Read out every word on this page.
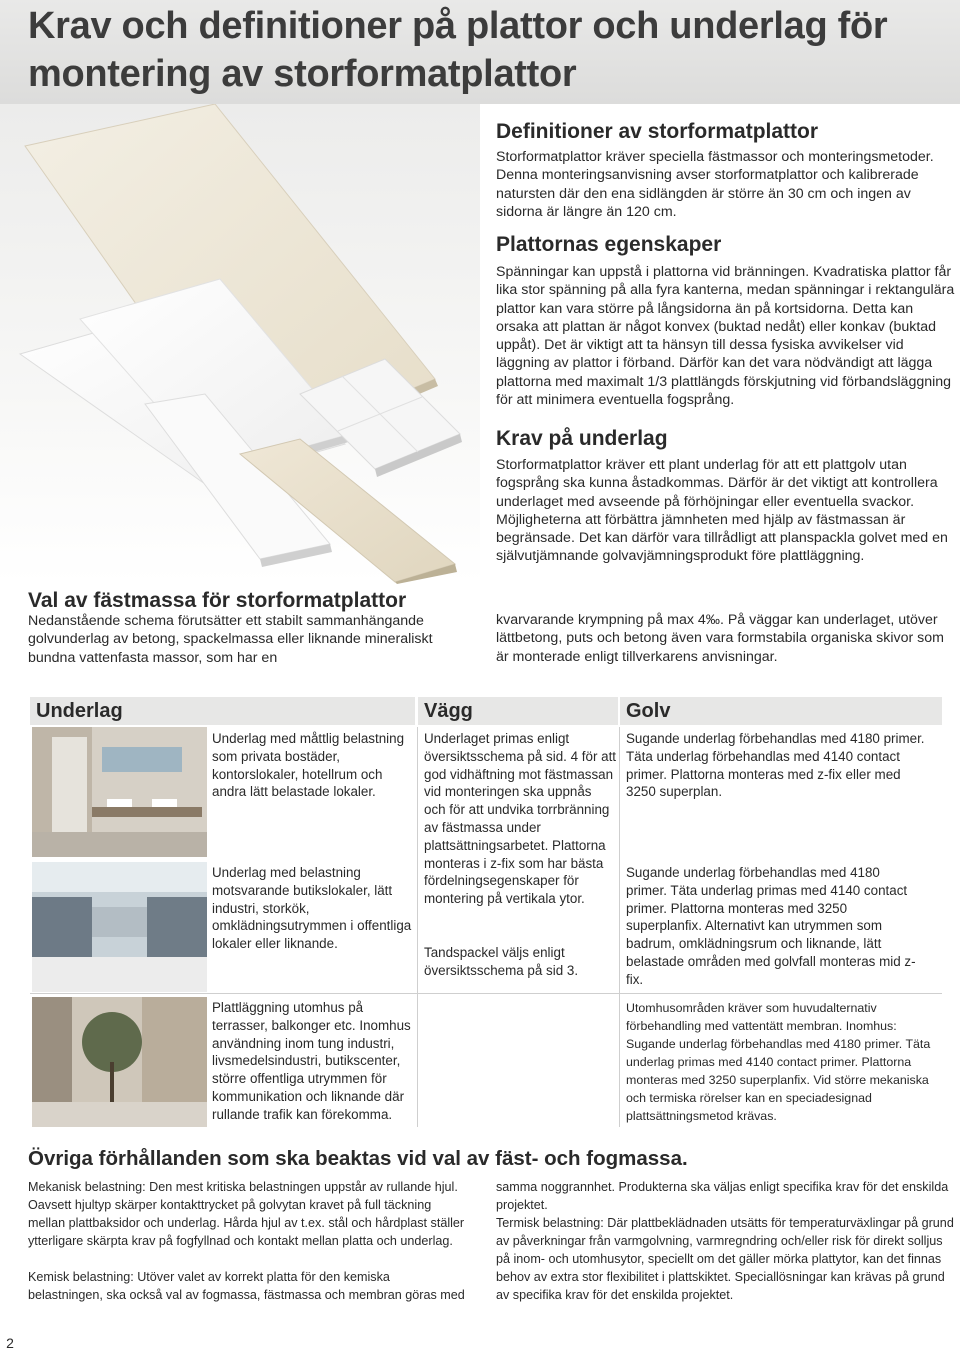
Krav och definitioner på plattor och underlag för montering av storformatplattor
Definitioner av storformatplattor

Storformatplattor kräver speciella fästmassor och monteringsmetoder. Denna monteringsanvisning avser storformatplattor och kalibrerade natursten där den ena sidlängden är större än 30 cm och ingen av sidorna är längre än 120 cm.

Plattornas egenskaper

Spänningar kan uppstå i plattorna vid bränningen. Kvadratiska plattor får lika stor spänning på alla fyra kanterna, medan spänningar i rektangulära plattor kan vara större på långsidorna än på kortsidorna. Detta kan orsaka att plattan är något konvex (buktad nedåt) eller konkav (buktad uppåt). Det är viktigt att ta hänsyn till dessa fysiska avvikelser vid läggning av plattor i förband. Därför kan det vara nödvändigt att lägga plattorna med maximalt 1/3 plattlängds förskjutning vid förbandsläggning för att minimera eventuella fogsprång.

Krav på underlag

Storformatplattor kräver ett plant underlag för att ett plattgolv utan fogsprång ska kunna åstadkommas. Därför är det viktigt att kontrollera underlaget med avseende på förhöjningar eller eventuella svackor. Möjligheterna att förbättra jämnheten med hjälp av fästmassan är begränsade. Det kan därför vara tillrådligt att planspackla golvet med en självutjämnande golvavjämningsprodukt före plattläggning.

kvarvarande krympning på max 4‰. På väggar kan underlaget, utöver lättbetong, puts och betong även vara formstabila organiska skivor som är monterade enligt tillverkarens anvisningar.

Val av fästmassa för storformatplattor

Nedanstående schema förutsätter ett stabilt sammanhängande golvunderlag av betong, spackelmassa eller liknande mineraliskt bundna vattenfasta massor, som har en

Underlag	Vägg	Golv

Underlag med måttlig belastning som privata bostäder, kontorslokaler, hotellrum och andra lätt belastade lokaler.

Underlaget primas enligt översiktsschema på sid. 4 för att god vidhäftning mot fästmassan vid monteringen ska uppnås och för att undvika torrbränning av fästmassa under plattsättningsarbetet. Plattorna monteras i z-fix som har bästa fördelningsegenskaper för montering på vertikala ytor.

Tandspackel väljs enligt översiktsschema på sid 3.

Sugande underlag förbehandlas med 4180 primer. Täta underlag förbehandlas med 4140 contact primer. Plattorna monteras med z-fix eller med 3250 superplan.

Underlag med belastning motsvarande butikslokaler, lätt industri, storkök, omklädningsutrymmen i offentliga lokaler eller liknande.

Sugande underlag förbehandlas med 4180 primer. Täta underlag primas med 4140 contact primer. Plattorna monteras med 3250 superplanfix. Alternativt kan utrymmen som badrum, omklädningsrum och liknande, lätt belastade områden med golvfall monteras mid z-fix.

Plattläggning utomhus på terrasser, balkonger etc. Inomhus användning inom tung industri, livsmedelsindustri, butikscenter, större offentliga utrymmen för kommunikation och liknande där rullande trafik kan förekomma.

Utomhusområden kräver som huvudalternativ förbehandling med vattentätt membran. Inomhus: Sugande underlag förbehandlas med 4180 primer. Täta underlag primas med 4140 contact primer. Plattorna monteras med 3250 superplanfix. Vid större mekaniska och termiska rörelser kan en speciadesignad plattsättningsmetod krävas.

Övriga förhållanden som ska beaktas vid val av fäst- och fogmassa.

Mekanisk belastning: Den mest kritiska belastningen uppstår av rullande hjul. Oavsett hjultyp skärper kontakttrycket på golvytan kravet på full täckning mellan plattbaksidor och underlag. Hårda hjul av t.ex. stål och hårdplast ställer ytterligare skärpta krav på fogfyllnad och kontakt mellan platta och underlag.

Kemisk belastning: Utöver valet av korrekt platta för den kemiska belastningen, ska också val av fogmassa, fästmassa och membran göras med

samma noggrannhet. Produkterna ska väljas enligt specifika krav för det enskilda projektet.

Termisk belastning: Där plattbeklädnaden utsätts för temperaturväxlingar på grund av påverkningar från varmgolvning, varmregndring och/eller risk för direkt solljus på inom- och utomhusytor, speciellt om det gäller mörka plattytor, kan det finnas behov av extra stor flexibilitet i plattskiktet. Speciallösningar kan krävas på grund av specifika krav för det enskilda projektet.

2
